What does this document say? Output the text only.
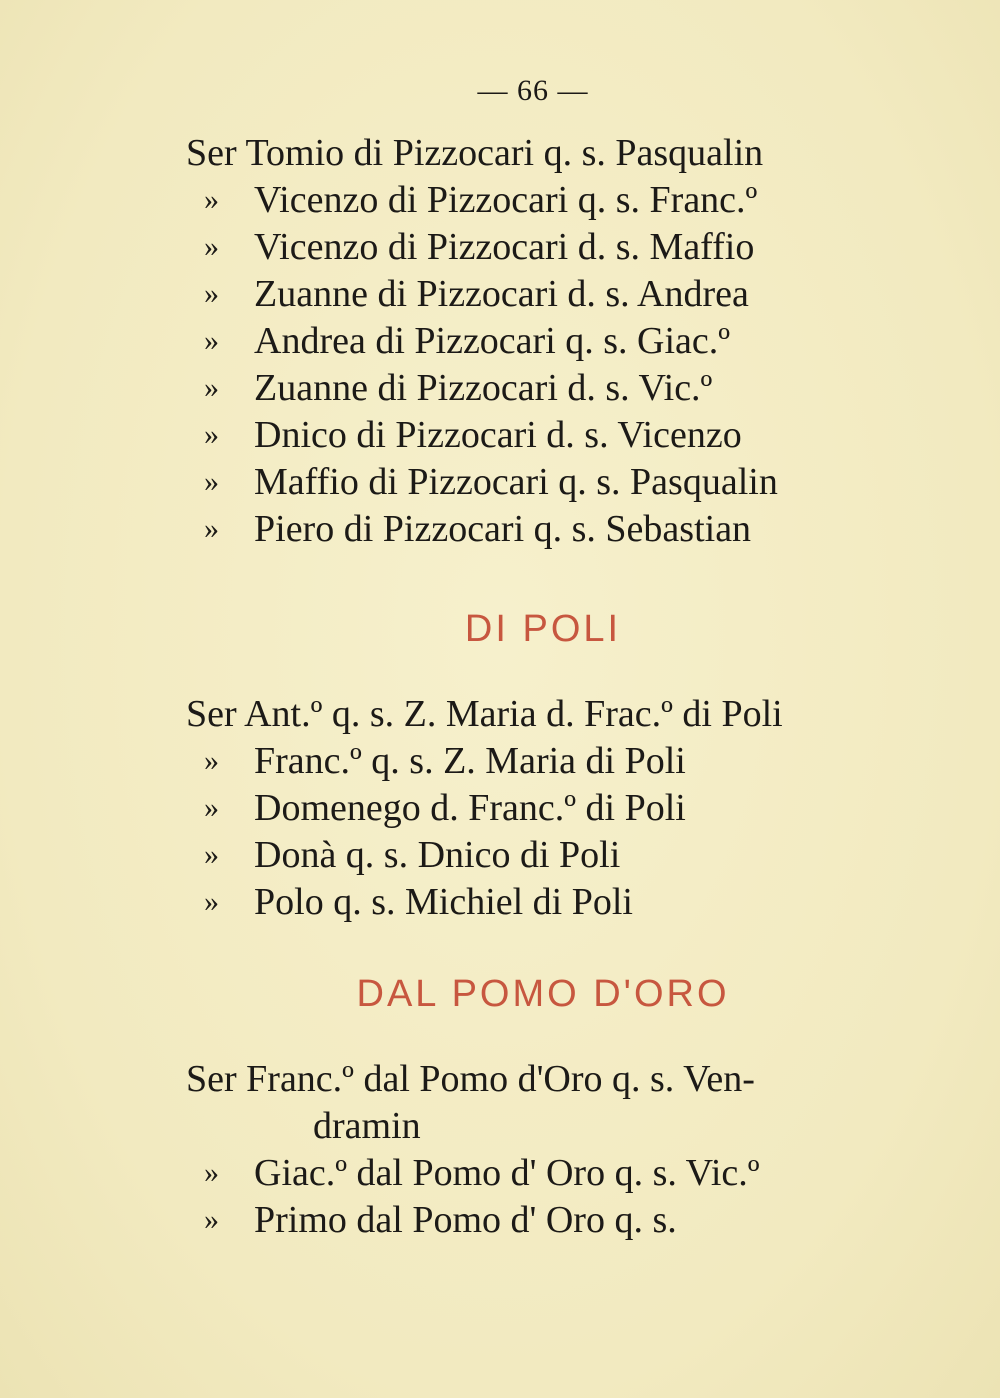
— 66 —
Ser Tomio di Pizzocari q. s. Pasqualin
» Vicenzo di Pizzocari q. s. Franc.º
» Vicenzo di Pizzocari d. s. Maffio
» Zuanne di Pizzocari d. s. Andrea
» Andrea di Pizzocari q. s. Giac.º
» Zuanne di Pizzocari d. s. Vic.º
» Dnico di Pizzocari d. s. Vicenzo
» Maffio di Pizzocari q. s. Pasqualin
» Piero di Pizzocari q. s. Sebastian
DI POLI
Ser Ant.º q. s. Z. Maria d. Frac.º di Poli
» Franc.º q. s. Z. Maria di Poli
» Domenego d. Franc.º di Poli
» Donà q. s. Dnico di Poli
» Polo q. s. Michiel di Poli
DAL POMO D'ORO
Ser Franc.º dal Pomo d'Oro q. s. Ven-
dramin
» Giac.º dal Pomo d' Oro q. s. Vic.º
» Primo dal Pomo d' Oro q. s.
